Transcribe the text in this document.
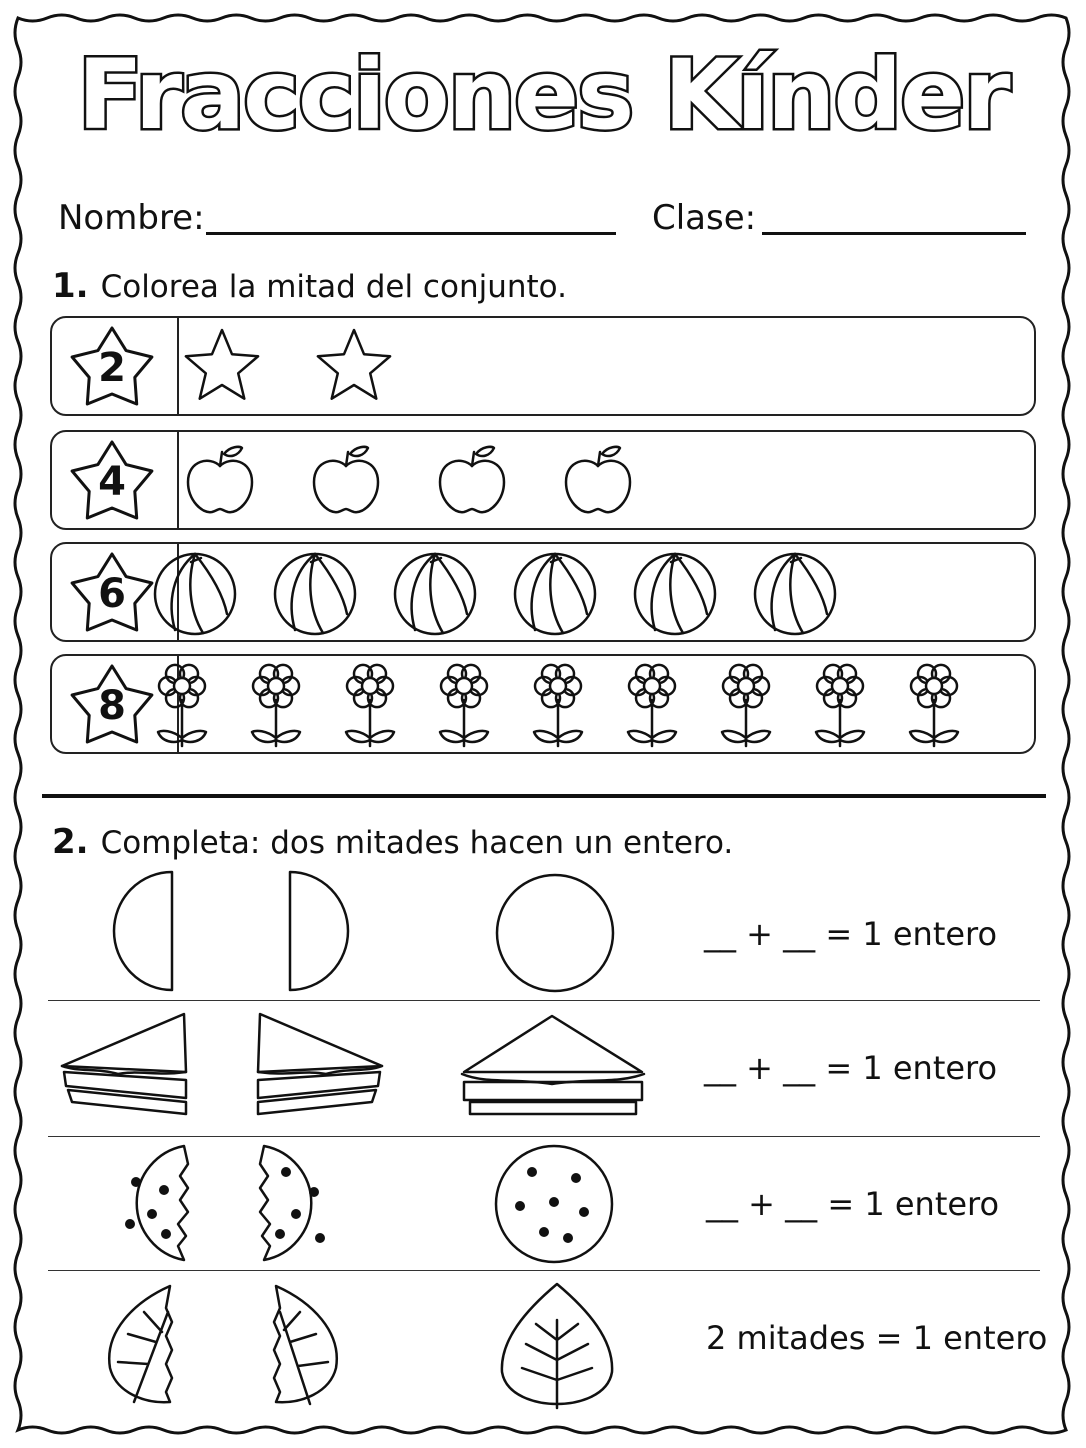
Fracciones Kínder
Nombre:	Clase:
1. Colorea la mitad del conjunto.
2
4
6
8
2. Completa: dos mitades hacen un entero.
__ + __ = 1 entero
__ + __ = 1 entero
__ + __ = 1 entero
2 mitades = 1 entero
